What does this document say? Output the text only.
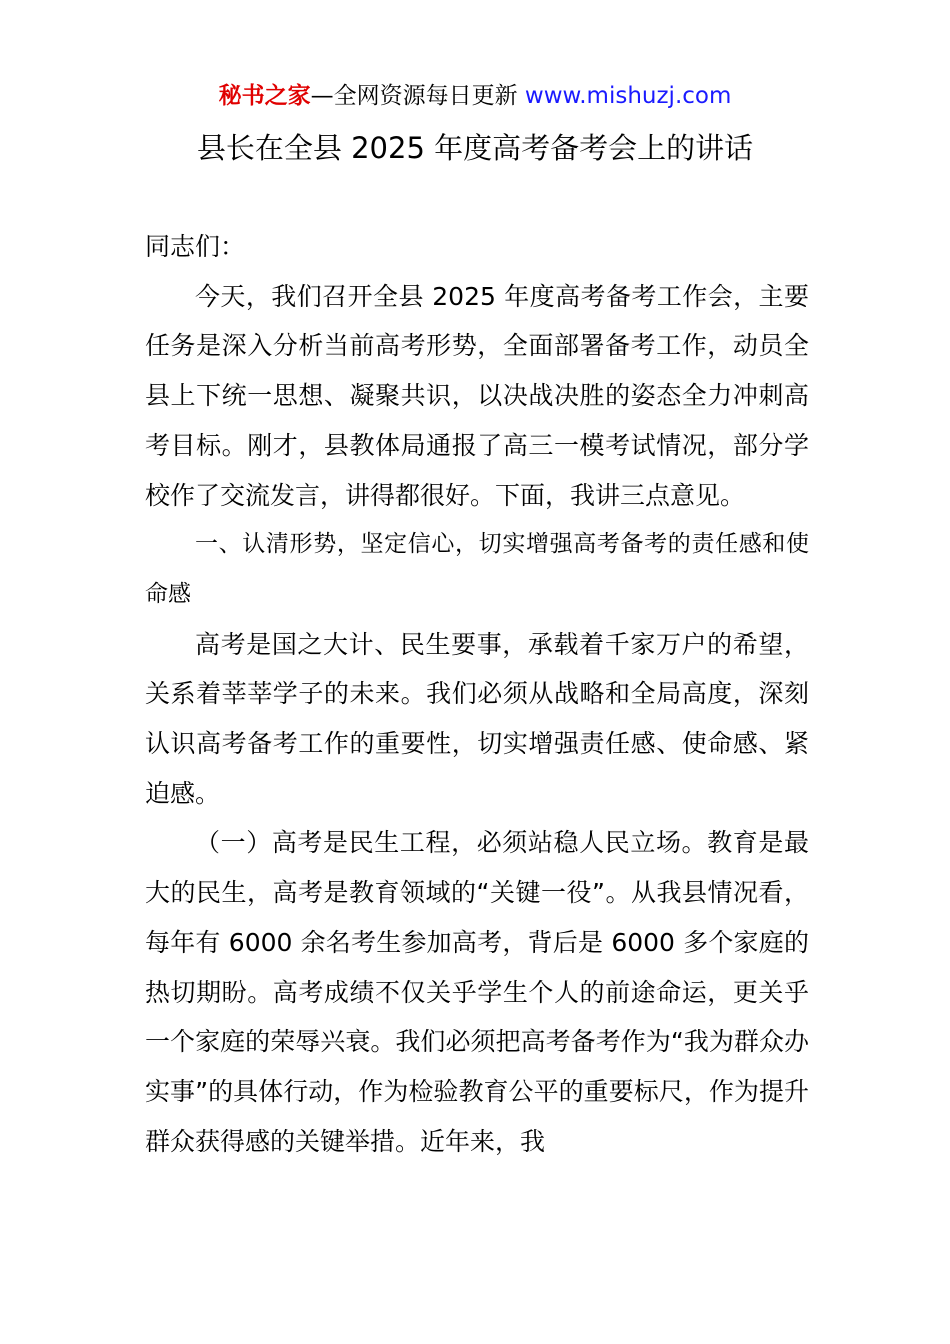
秘书之家—全网资源每日更新 www.mishuzj.com
县长在全县 2025 年度高考备考会上的讲话

同志们：

今天，我们召开全县 2025 年度高考备考工作会，主要任务是深入分析当前高考形势，全面部署备考工作，动员全县上下统一思想、凝聚共识，以决战决胜的姿态全力冲刺高考目标。刚才，县教体局通报了高三一模考试情况，部分学校作了交流发言，讲得都很好。下面，我讲三点意见。

一、认清形势，坚定信心，切实增强高考备考的责任感和使命感

高考是国之大计、民生要事，承载着千家万户的希望，关系着莘莘学子的未来。我们必须从战略和全局高度，深刻认识高考备考工作的重要性，切实增强责任感、使命感、紧迫感。

（一）高考是民生工程，必须站稳人民立场。教育是最大的民生，高考是教育领域的“关键一役”。从我县情况看，每年有 6000 余名考生参加高考，背后是 6000 多个家庭的热切期盼。高考成绩不仅关乎学生个人的前途命运，更关乎一个家庭的荣辱兴衰。我们必须把高考备考作为“我为群众办实事”的具体行动，作为检验教育公平的重要标尺，作为提升群众获得感的关键举措。近年来，我
